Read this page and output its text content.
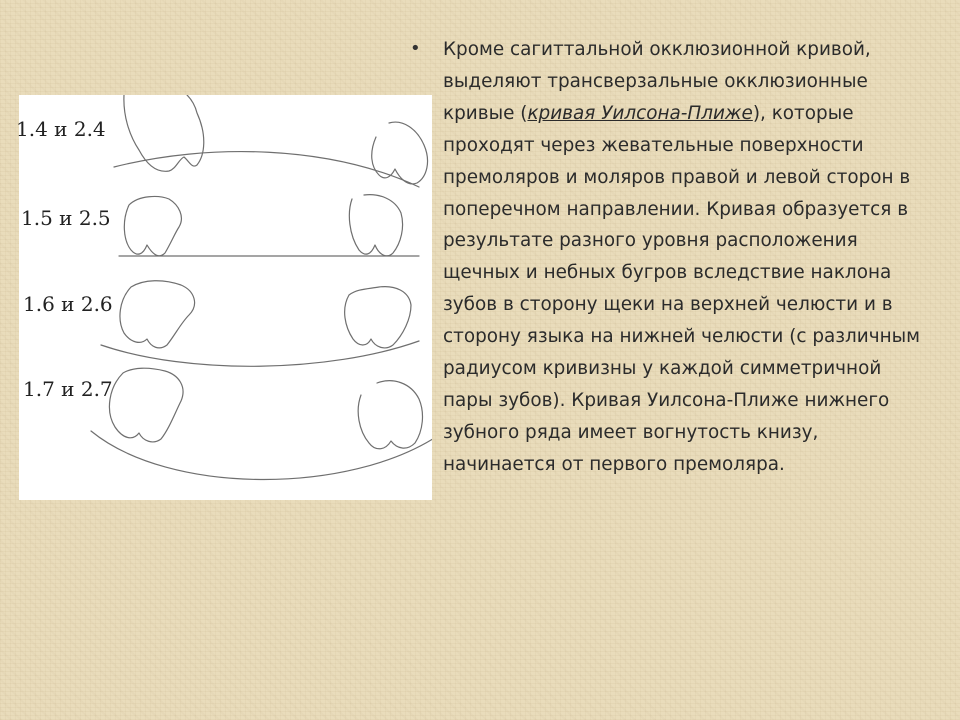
1.4 и 2.4
1.5 и 2.5
1.6 и 2.6
1.7 и 2.7
• Кроме сагиттальной окклюзионной кривой, выделяют трансверзальные окклюзионные кривые (кривая Уилсона-Плиже), которые проходят через жевательные поверхности премоляров и моляров правой и левой сторон в поперечном направлении. Кривая образуется в результате разного уровня расположения щечных и небных бугров вследствие наклона зубов в сторону щеки на верхней челюсти и в сторону языка на нижней челюсти (с различным радиусом кривизны у каждой симметричной пары зубов). Кривая Уилсона-Плиже нижнего зубного ряда имеет вогнутость книзу, начинается от первого премоляра.
